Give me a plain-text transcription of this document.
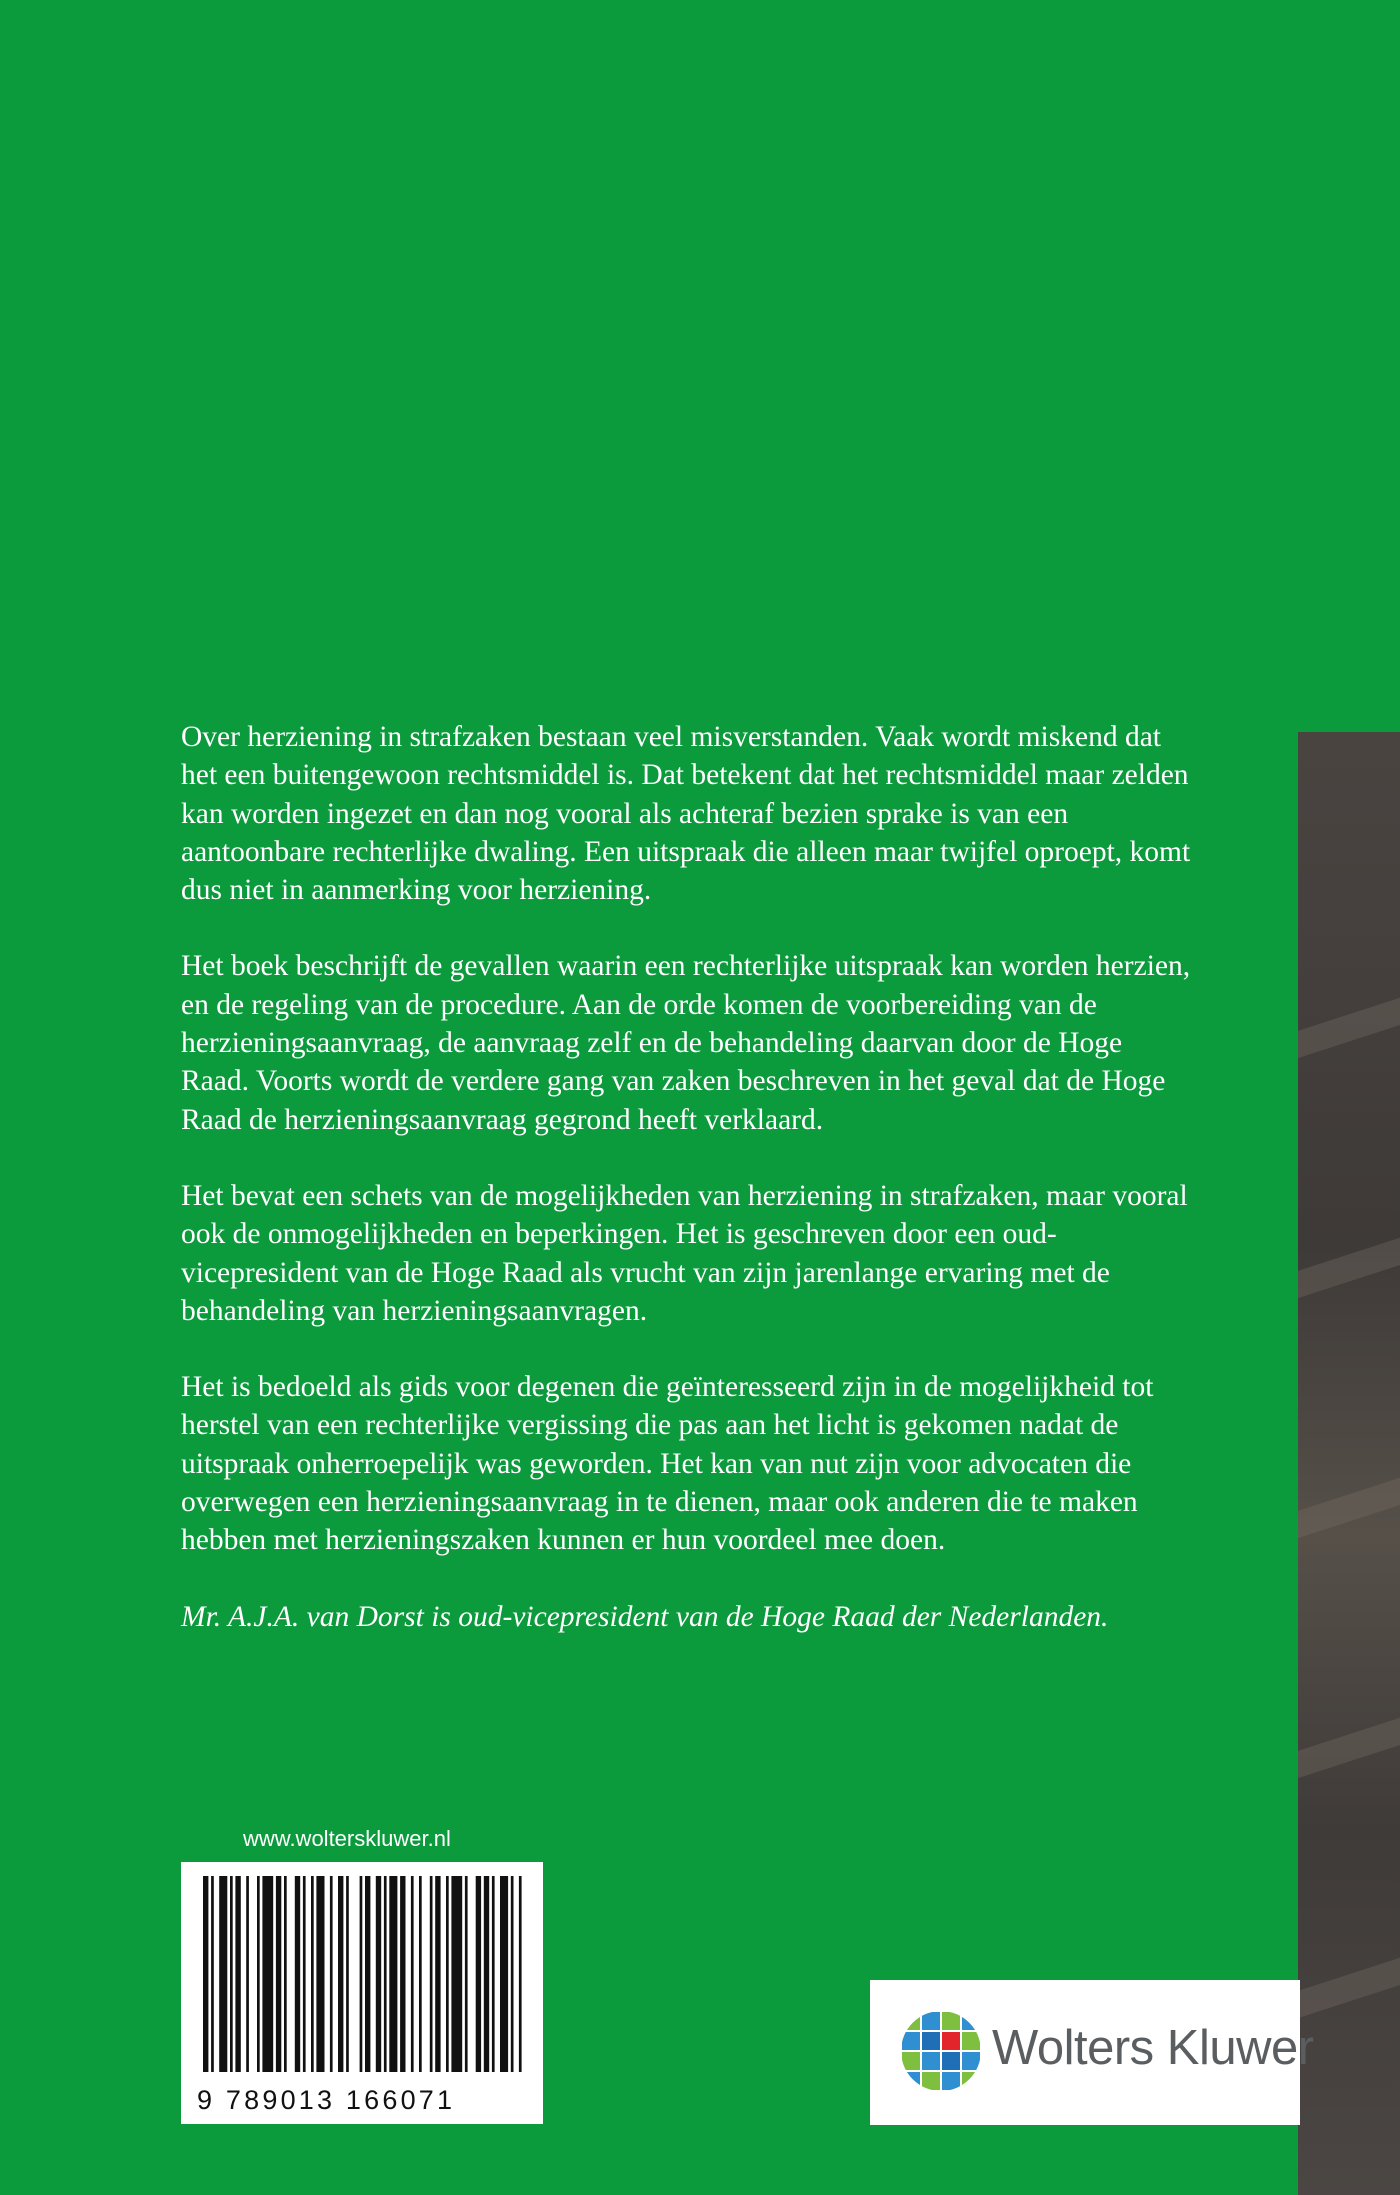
Over herziening in strafzaken bestaan veel misverstanden. Vaak wordt miskend dat het een buitengewoon rechtsmiddel is. Dat betekent dat het rechtsmiddel maar zelden kan worden ingezet en dan nog vooral als achteraf bezien sprake is van een aantoonbare rechterlijke dwaling. Een uitspraak die alleen maar twijfel oproept, komt dus niet in aanmerking voor herziening.

Het boek beschrijft de gevallen waarin een rechterlijke uitspraak kan worden herzien, en de regeling van de procedure. Aan de orde komen de voorbereiding van de herzieningsaanvraag, de aanvraag zelf en de behandeling daarvan door de Hoge Raad. Voorts wordt de verdere gang van zaken beschreven in het geval dat de Hoge Raad de herzieningsaanvraag gegrond heeft verklaard.

Het bevat een schets van de mogelijkheden van herziening in strafzaken, maar vooral ook de onmogelijkheden en beperkingen. Het is geschreven door een oud-vicepresident van de Hoge Raad als vrucht van zijn jarenlange ervaring met de behandeling van herzieningsaanvragen.

Het is bedoeld als gids voor degenen die geïnteresseerd zijn in de mogelijkheid tot herstel van een rechterlijke vergissing die pas aan het licht is gekomen nadat de uitspraak onherroepelijk was geworden. Het kan van nut zijn voor advocaten die overwegen een herzieningsaanvraag in te dienen, maar ook anderen die te maken hebben met herzieningszaken kunnen er hun voordeel mee doen.

Mr. A.J.A. van Dorst is oud-vicepresident van de Hoge Raad der Nederlanden.

www.wolterskluwer.nl
9 789013 166071
Wolters Kluwer
